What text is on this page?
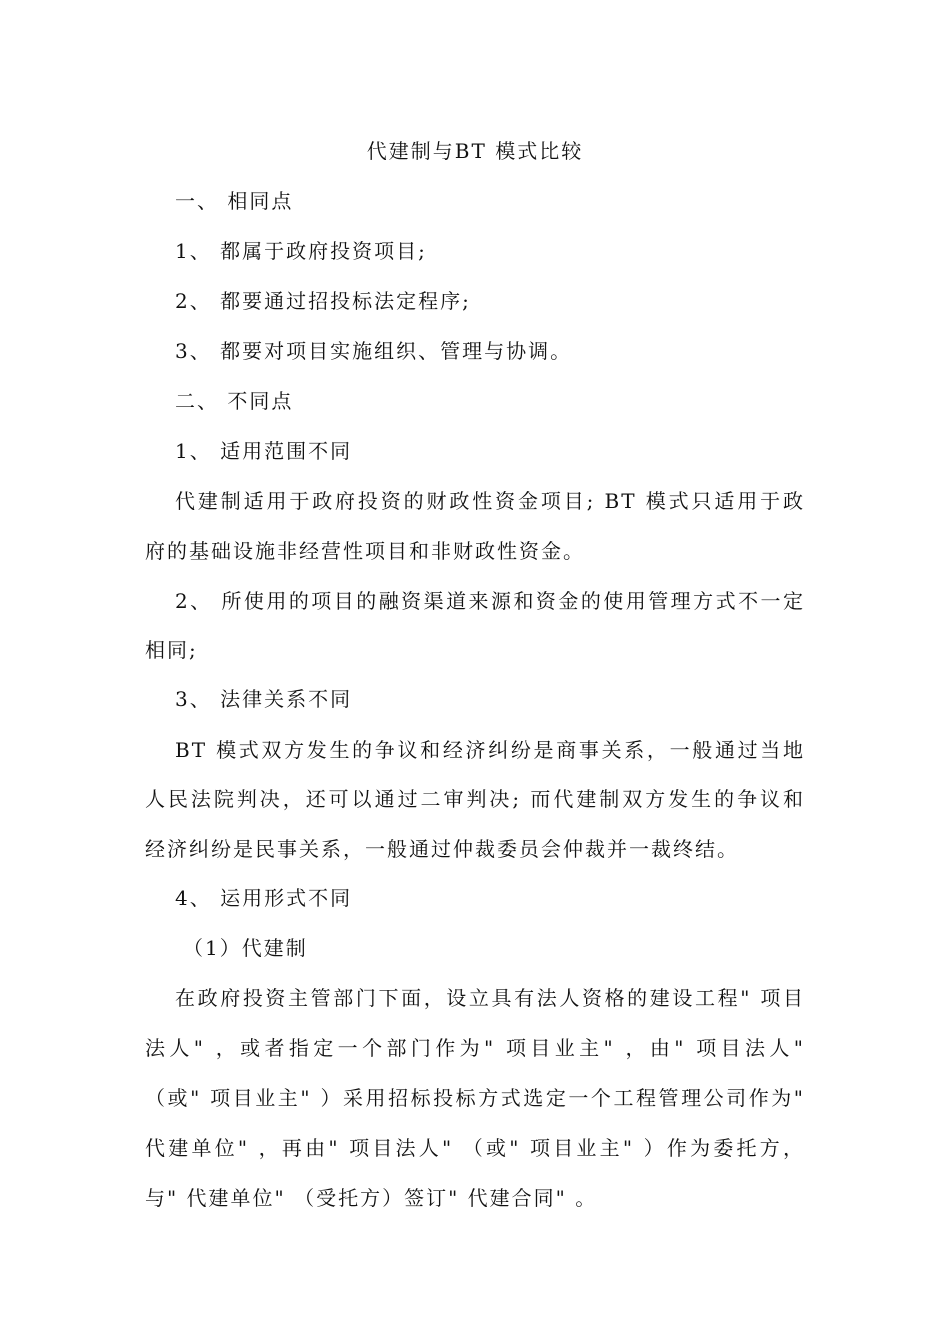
代建制与BT 模式比较
一、 相同点
1、 都属于政府投资项目;
2、 都要通过招投标法定程序;
3、 都要对项目实施组织、管理与协调。
二、 不同点
1、 适用范围不同
代建制适用于政府投资的财政性资金项目; BT 模式只适用于政
府的基础设施非经营性项目和非财政性资金。
2、 所使用的项目的融资渠道来源和资金的使用管理方式不一定
相同;
3、 法律关系不同
BT 模式双方发生的争议和经济纠纷是商事关系，一般通过当地
人民法院判决，还可以通过二审判决; 而代建制双方发生的争议和
经济纠纷是民事关系，一般通过仲裁委员会仲裁并一裁终结。
4、 运用形式不同
（1）代建制
在政府投资主管部门下面，设立具有法人资格的建设工程" 项目
法人" ，或者指定一个部门作为" 项目业主" ，由" 项目法人"
（或" 项目业主" ）采用招标投标方式选定一个工程管理公司作为"
代建单位" ，再由" 项目法人" （或" 项目业主" ）作为委托方，
与" 代建单位" （受托方）签订" 代建合同" 。
